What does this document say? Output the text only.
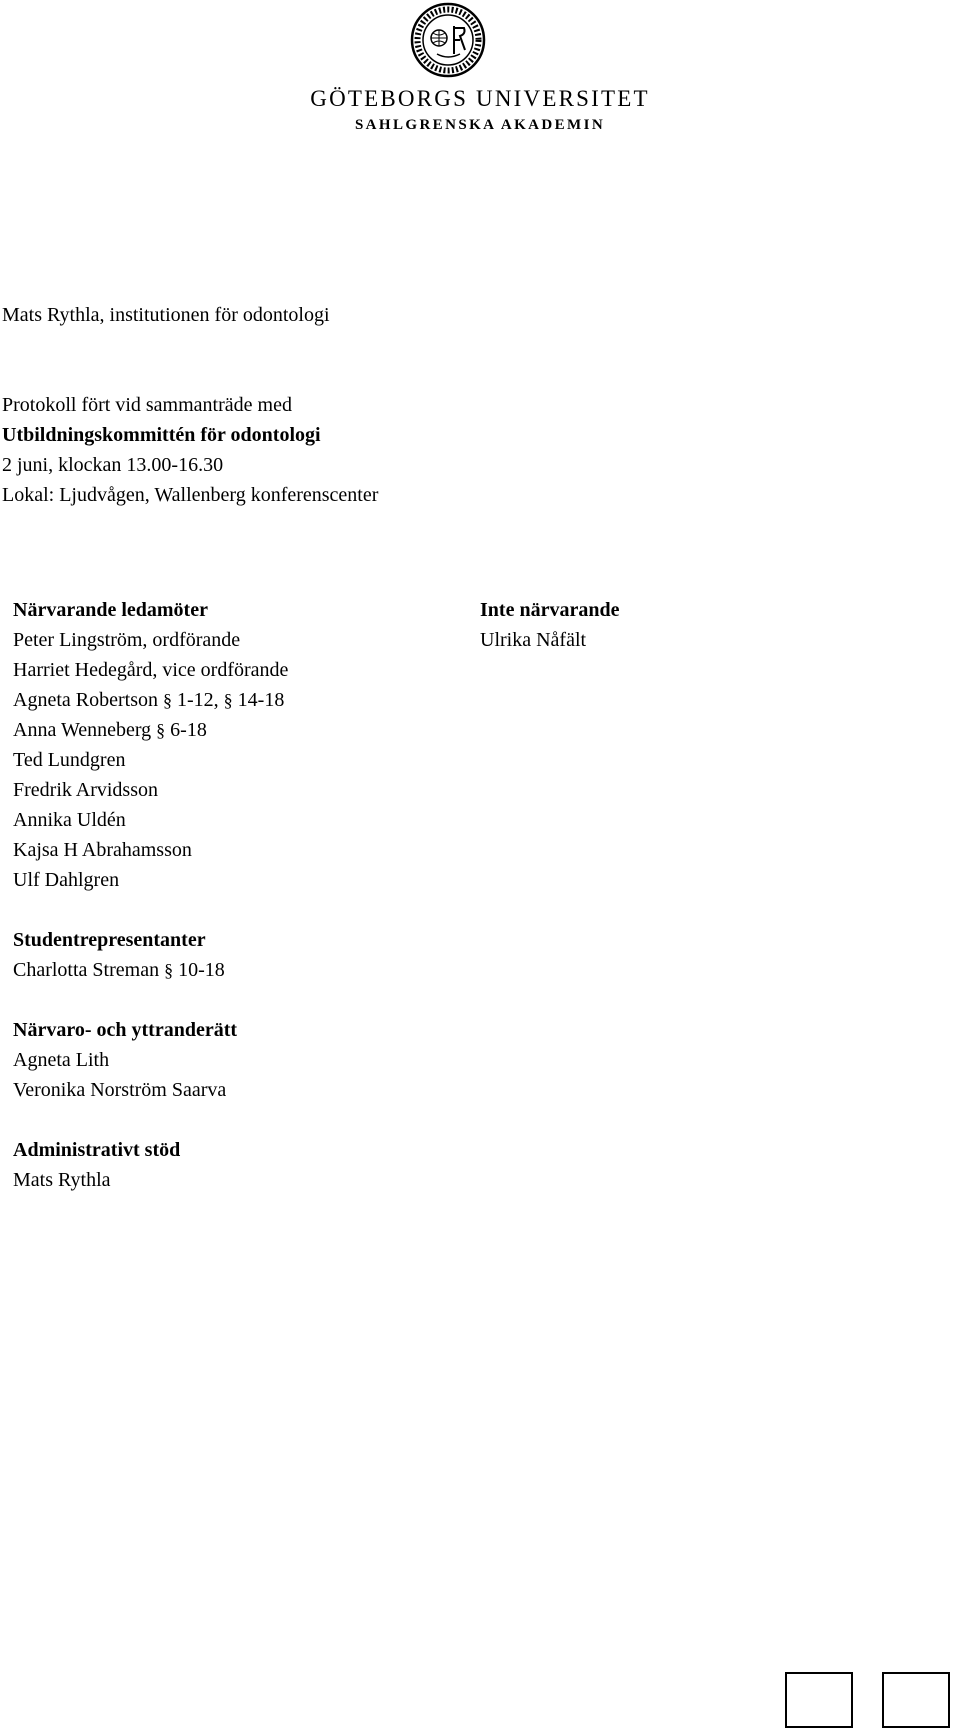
GÖTEBORGS UNIVERSITET
SAHLGRENSKA AKADEMIN
Mats Rythla, institutionen för odontologi
Protokoll fört vid sammanträde med
Utbildningskommittén för odontologi
2 juni, klockan 13.00-16.30
Lokal: Ljudvågen, Wallenberg konferenscenter
Närvarande ledamöter
Peter Lingström, ordförande
Harriet Hedegård, vice ordförande
Agneta Robertson § 1-12, § 14-18
Anna Wenneberg § 6-18
Ted Lundgren
Fredrik Arvidsson
Annika Uldén
Kajsa H Abrahamsson
Ulf Dahlgren
Studentrepresentanter
Charlotta Streman § 10-18
Närvaro- och yttranderätt
Agneta Lith
Veronika Norström Saarva
Administrativt stöd
Mats Rythla
Inte närvarande
Ulrika Nåfält
